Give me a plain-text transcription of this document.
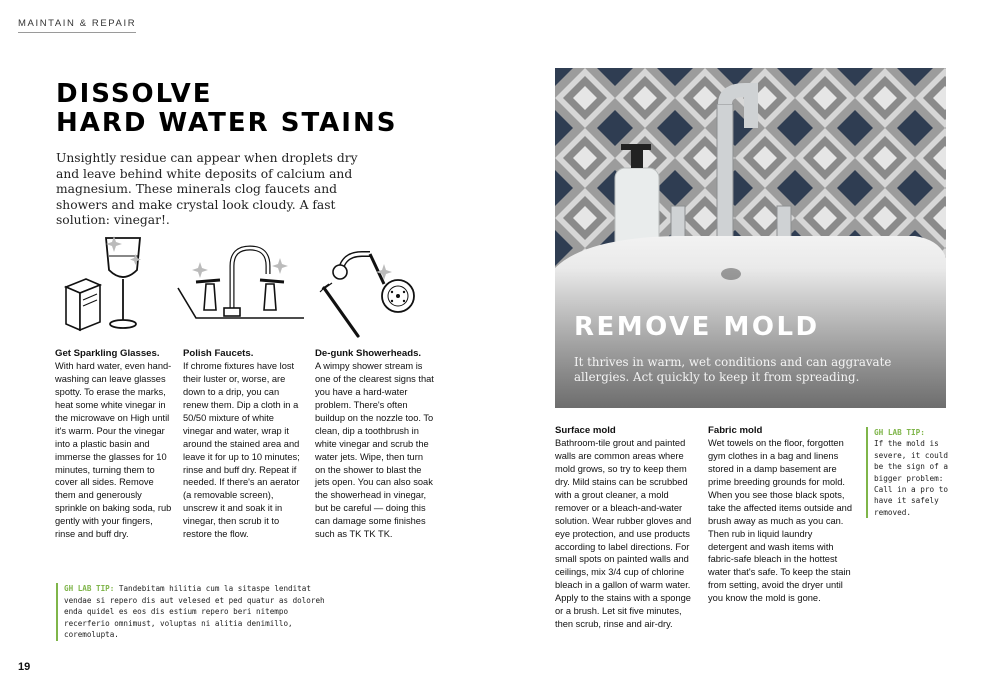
MAINTAIN & REPAIR
DISSOLVE
HARD WATER STAINS
Unsightly residue can appear when droplets dry and leave behind white deposits of calcium and magnesium. These minerals clog faucets and showers and make crystal look cloudy. A fast solution: vinegar!.
Get Sparkling Glasses.

With hard water, even hand-washing can leave glasses spotty. To erase the marks, heat some white vinegar in the microwave on High until it's warm. Pour the vinegar into a plastic basin and immerse the glasses for 10 minutes, turning them to cover all sides. Remove them and generously sprinkle on baking soda, rub gently with your fingers, rinse and buff dry.

Polish Faucets.

If chrome fixtures have lost their luster or, worse, are down to a drip, you can renew them. Dip a cloth in a 50/50 mixture of white vinegar and water, wrap it around the stained area and leave it for up to 10 minutes; rinse and buff dry. Repeat if needed. If there's an aerator (a removable screen), unscrew it and soak it in vinegar, then scrub it to restore the flow.

De-gunk Showerheads.

A wimpy shower stream is one of the clearest signs that you have a hard-water problem. There's often buildup on the nozzle too. To clean, dip a toothbrush in white vinegar and scrub the water jets. Wipe, then turn on the shower to blast the jets open. You can also soak the showerhead in vinegar, but be careful — doing this can damage some finishes such as TK TK TK.

GH LAB TIP: Tandebitam hilitia cum la sitaspe lenditat vendae si repero dis aut velesed et ped quatur as doloreh enda quidel es eos dis estium repero beri nitempo recerferio omnimust, voluptas ni alitia denimillo, coremolupta.
REMOVE MOLD
It thrives in warm, wet conditions and can aggravate allergies. Act quickly to keep it from spreading.
Surface mold

Bathroom-tile grout and painted walls are common areas where mold grows, so try to keep them dry. Mild stains can be scrubbed with a grout cleaner, a mold remover or a bleach-and-water solution. Wear rubber gloves and eye protection, and use products according to label directions. For small spots on painted walls and ceilings, mix 3/4 cup of chlorine bleach in a gallon of warm water. Apply to the stains with a sponge or a brush. Let sit five minutes, then scrub, rinse and air-dry.

Fabric mold

Wet towels on the floor, forgotten gym clothes in a bag and linens stored in a damp basement are prime breeding grounds for mold. When you see those black spots, take the affected items outside and brush away as much as you can. Then rub in liquid laundry detergent and wash items with fabric-safe bleach in the hottest water that's safe. To keep the stain from setting, avoid the dryer until you know the mold is gone.

GH LAB TIP:
If the mold is severe, it could be the sign of a bigger problem: Call in a pro to have it safely removed.
19
